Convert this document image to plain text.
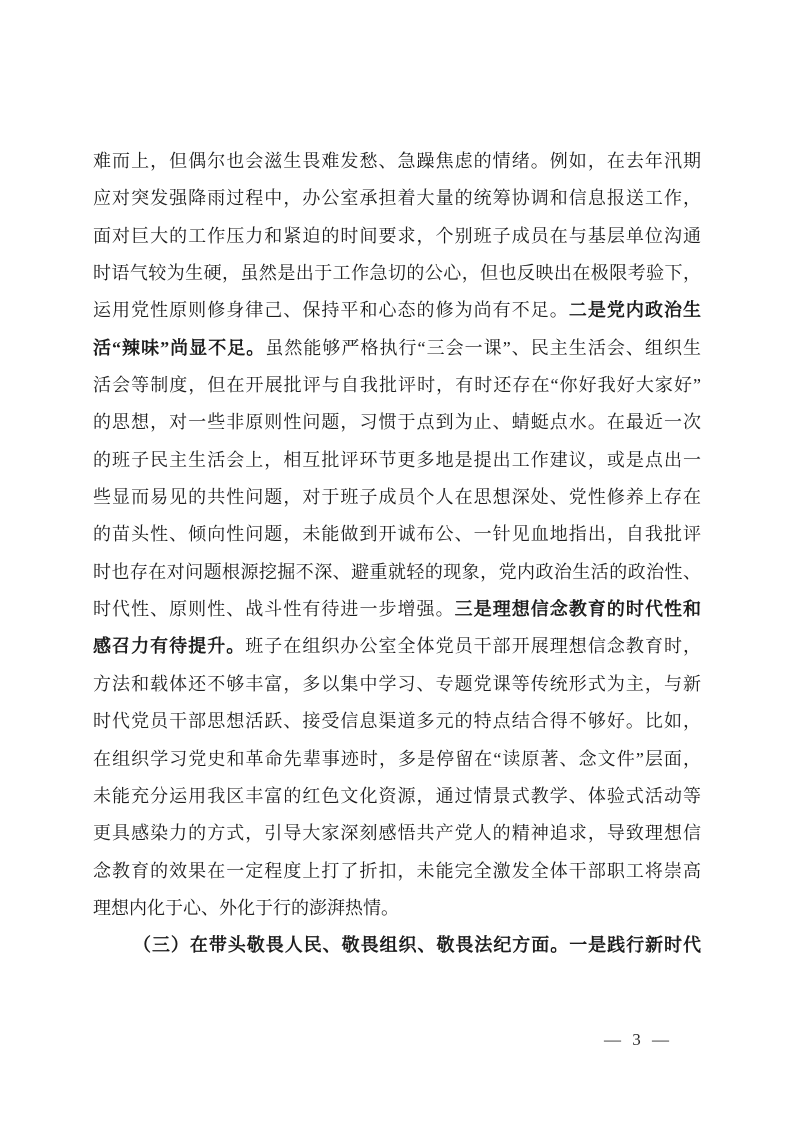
难而上，但偶尔也会滋生畏难发愁、急躁焦虑的情绪。例如，在去年汛期
应对突发强降雨过程中，办公室承担着大量的统筹协调和信息报送工作，
面对巨大的工作压力和紧迫的时间要求，个别班子成员在与基层单位沟通
时语气较为生硬，虽然是出于工作急切的公心，但也反映出在极限考验下，
运用党性原则修身律己、保持平和心态的修为尚有不足。二是党内政治生
活“辣味”尚显不足。虽然能够严格执行“三会一课”、民主生活会、组织生
活会等制度，但在开展批评与自我批评时，有时还存在“你好我好大家好”
的思想，对一些非原则性问题，习惯于点到为止、蜻蜓点水。在最近一次
的班子民主生活会上，相互批评环节更多地是提出工作建议，或是点出一
些显而易见的共性问题，对于班子成员个人在思想深处、党性修养上存在
的苗头性、倾向性问题，未能做到开诚布公、一针见血地指出，自我批评
时也存在对问题根源挖掘不深、避重就轻的现象，党内政治生活的政治性、
时代性、原则性、战斗性有待进一步增强。三是理想信念教育的时代性和
感召力有待提升。班子在组织办公室全体党员干部开展理想信念教育时，
方法和载体还不够丰富，多以集中学习、专题党课等传统形式为主，与新
时代党员干部思想活跃、接受信息渠道多元的特点结合得不够好。比如，
在组织学习党史和革命先辈事迹时，多是停留在“读原著、念文件”层面，
未能充分运用我区丰富的红色文化资源，通过情景式教学、体验式活动等
更具感染力的方式，引导大家深刻感悟共产党人的精神追求，导致理想信
念教育的效果在一定程度上打了折扣，未能完全激发全体干部职工将崇高
理想内化于心、外化于行的澎湃热情。
（三）在带头敬畏人民、敬畏组织、敬畏法纪方面。一是践行新时代
— 3 —
